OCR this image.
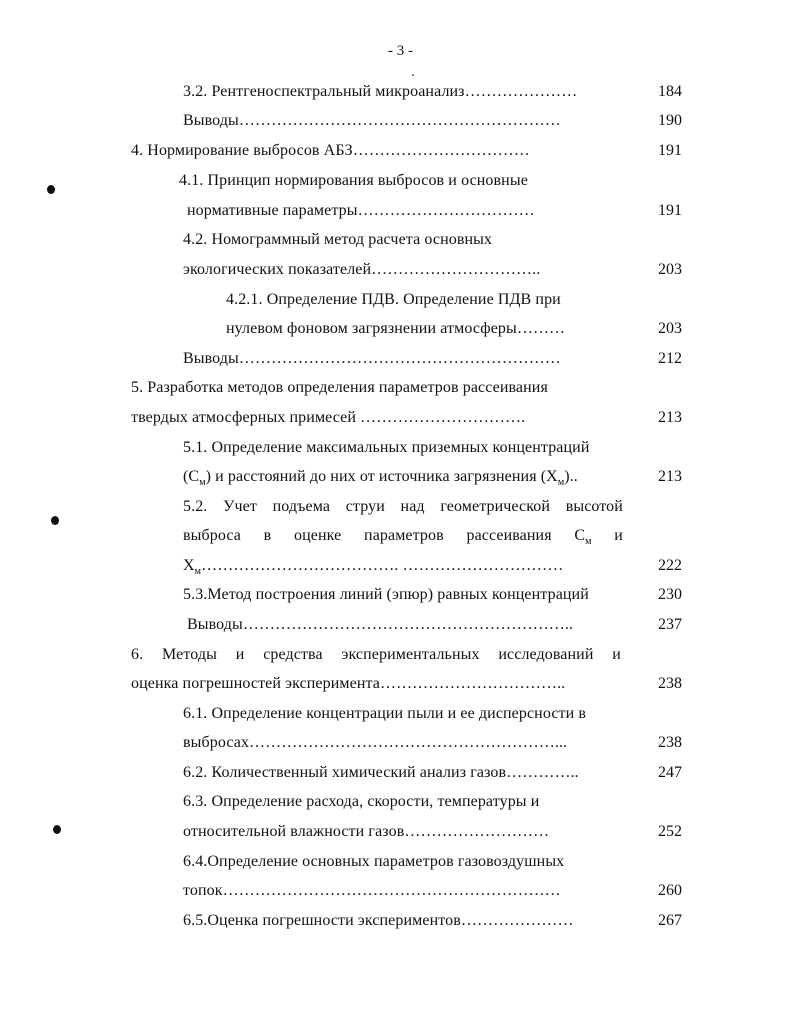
- 3 -
3.2. Рентгеноспектральный микроанализ…………………	184
Выводы……………………………………………………	190
4. Нормирование выбросов АБЗ……………………………	191
4.1. Принцип нормирования выбросов и основные
нормативные параметры……………………………	191
4.2. Номограммный метод расчета основных
экологических показателей…………………………..	203
4.2.1. Определение ПДВ. Определение ПДВ при
нулевом фоновом загрязнении атмосферы………	203
Выводы……………………………………………………	212
5. Разработка методов определения параметров рассеивания
твердых атмосферных примесей ………………………….	213
5.1. Определение максимальных приземных концентраций
$(С_м)$ и расстояний до них от источника загрязнения $(Х_м)$..	213
5.2. Учет подъема струи над геометрической высотой
выброса в оценке параметров рассеивания $С_м$ и
$Х_м\dots\dots\dots\dots\dots\dots\dots\dots\dots\dots\dots\dots$. …………………………	222
5.3.Метод построения линий (эпюр) равных концентраций	230
Выводы……………………………………………………..	237
6. Методы и средства экспериментальных исследований и
оценка погрешностей эксперимента……………………………..	238
6.1. Определение концентрации пыли и ее дисперсности в
выбросах…………………………………………………...	238
6.2. Количественный химический анализ газов…………..	247
6.3. Определение расхода, скорости, температуры и
относительной влажности газов………………………	252
6.4.Определение основных параметров газовоздушных
топок………………………………………………………	260
6.5.Оценка погрешности экспериментов…………………	267
